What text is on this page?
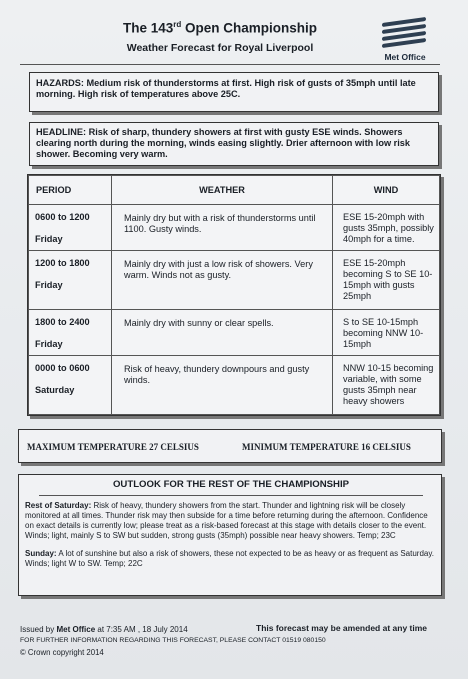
The 143rd Open Championship
Weather Forecast for Royal Liverpool
Met Office
HAZARDS: Medium risk of thunderstorms at first. High risk of gusts of 35mph until late morning. High risk of temperatures above 25C.
HEADLINE: Risk of sharp, thundery showers at first with gusty ESE winds. Showers clearing north during the morning, winds easing slightly. Drier afternoon with low risk shower. Becoming very warm.
PERIOD	WEATHER	WIND

0600 to 1200
Friday	Mainly dry but with a risk of thunderstorms until 1100. Gusty winds.	ESE 15-20mph with gusts 35mph, possibly 40mph for a time.

1200 to 1800
Friday	Mainly dry with just a low risk of showers. Very warm. Winds not as gusty.	ESE 15-20mph becoming S to SE 10-15mph with gusts 25mph

1800 to 2400
Friday	Mainly dry with sunny or clear spells.	S to SE 10-15mph becoming NNW 10-15mph

0000 to 0600
Saturday	Risk of heavy, thundery downpours and gusty winds.	NNW 10-15 becoming variable, with some gusts 35mph near heavy showers
MAXIMUM TEMPERATURE 27 CELSIUS	MINIMUM TEMPERATURE 16 CELSIUS
OUTLOOK FOR THE REST OF THE CHAMPIONSHIP

Rest of Saturday: Risk of heavy, thundery showers from the start. Thunder and lightning risk will be closely monitored at all times. Thunder risk may then subside for a time before returning during the afternoon. Confidence on exact details is currently low; please treat as a risk-based forecast at this stage with details closer to the event. Winds; light, mainly S to SW but sudden, strong gusts (35mph) possible near heavy showers. Temp; 23C

Sunday: A lot of sunshine but also a risk of showers, these not expected to be as heavy or as frequent as Saturday. Winds; light W to SW. Temp; 22C

Issued by Met Office at 7:35 AM , 18 July 2014	This forecast may be amended at any time
FOR FURTHER INFORMATION REGARDING THIS FORECAST, PLEASE CONTACT 01519 080150
© Crown copyright 2014
